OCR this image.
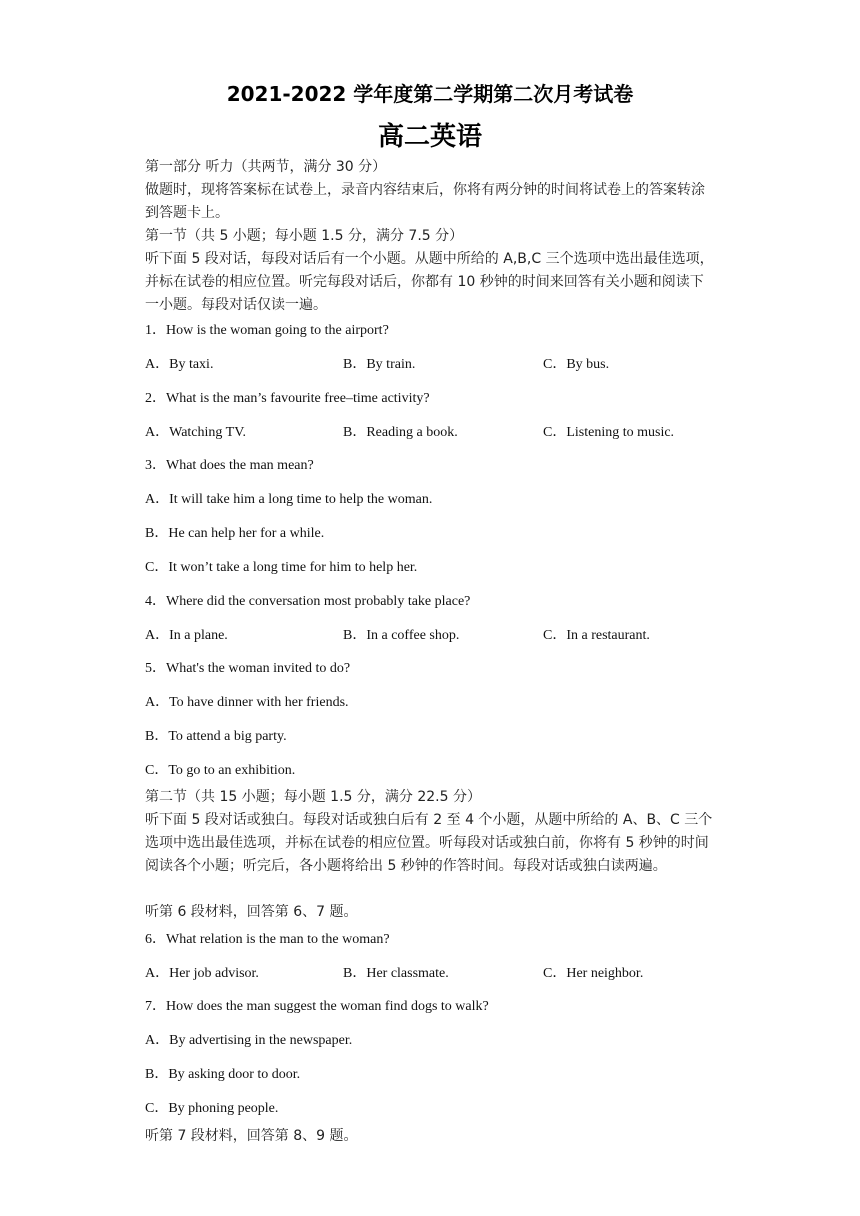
2021-2022 学年度第二学期第二次月考试卷
高二英语
第一部分 听力（共两节，满分 30 分）
做题时，现将答案标在试卷上，录音内容结束后，你将有两分钟的时间将试卷上的答案转涂到答题卡上。
第一节（共 5 小题；每小题 1.5 分，满分 7.5 分）
听下面 5 段对话，每段对话后有一个小题。从题中所给的 A,B,C 三个选项中选出最佳选项，并标在试卷的相应位置。听完每段对话后，你都有 10 秒钟的时间来回答有关小题和阅读下一小题。每段对话仅读一遍。
1．How is the woman going to the airport?
A．By taxi.	B．By train.	C．By bus.
2．What is the man’s favourite free–time activity?
A．Watching TV.	B．Reading a book.	C．Listening to music.
3．What does the man mean?
A．It will take him a long time to help the woman.
B．He can help her for a while.
C．It won’t take a long time for him to help her.
4．Where did the conversation most probably take place?
A．In a plane.	B．In a coffee shop.	C．In a restaurant.
5．What's the woman invited to do?
A．To have dinner with her friends.
B．To attend a big party.
C．To go to an exhibition.
第二节（共 15 小题；每小题 1.5 分，满分 22.5 分）
听下面 5 段对话或独白。每段对话或独白后有 2 至 4 个小题，从题中所给的 A、B、C 三个选项中选出最佳选项，并标在试卷的相应位置。听每段对话或独白前，你将有 5 秒钟的时间阅读各个小题；听完后，各小题将给出 5 秒钟的作答时间。每段对话或独白读两遍。
听第 6 段材料，回答第 6、7 题。
6．What relation is the man to the woman?
A．Her job advisor.	B．Her classmate.	C．Her neighbor.
7．How does the man suggest the woman find dogs to walk?
A．By advertising in the newspaper.
B．By asking door to door.
C．By phoning people.
听第 7 段材料，回答第 8、9 题。
